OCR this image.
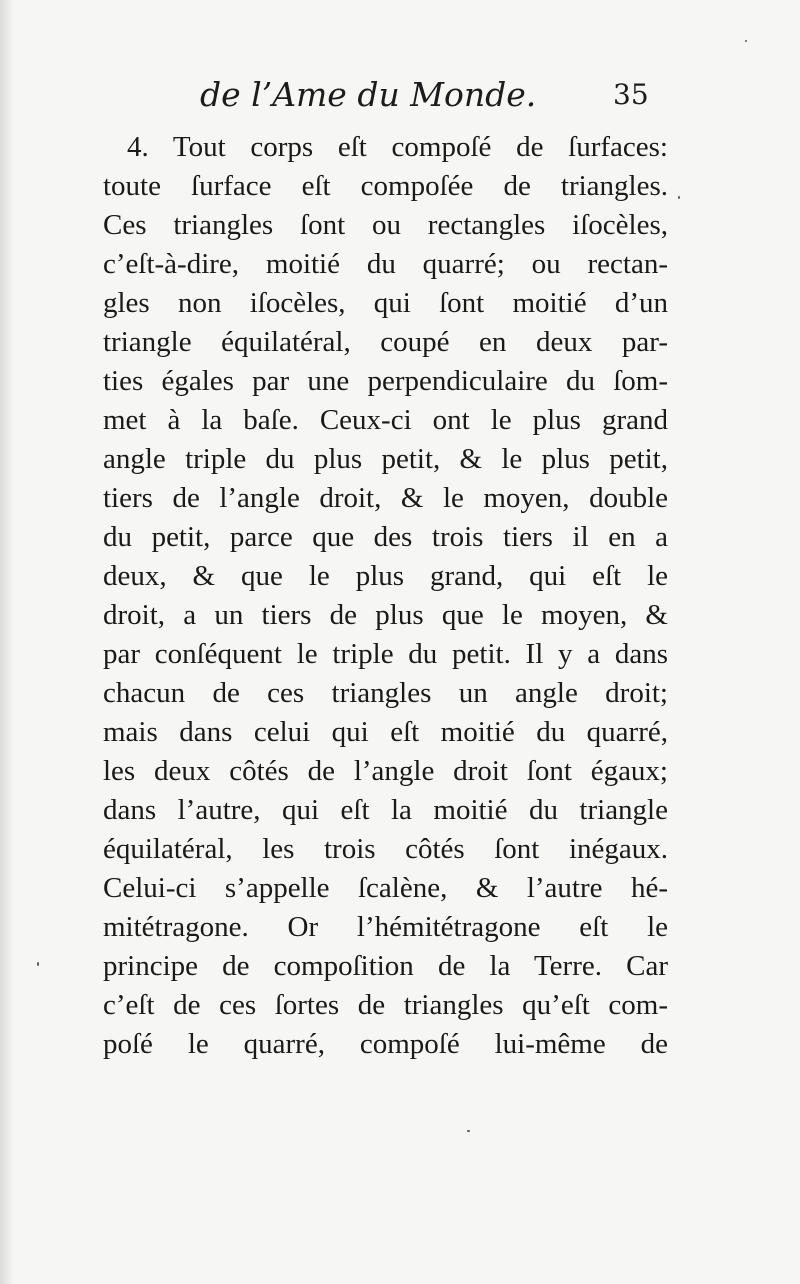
de l’Ame du Monde.	35
4. Tout corps eſt compoſé de ſurfaces:
toute ſurface eſt compoſée de triangles.
Ces triangles ſont ou rectangles iſocèles,
c’eſt-à-dire, moitié du quarré; ou rectan-
gles non iſocèles, qui ſont moitié d’un
triangle équilatéral, coupé en deux par-
ties égales par une perpendiculaire du ſom-
met à la baſe. Ceux-ci ont le plus grand
angle triple du plus petit, & le plus petit,
tiers de l’angle droit, & le moyen, double
du petit, parce que des trois tiers il en a
deux, & que le plus grand, qui eſt le
droit, a un tiers de plus que le moyen, &
par conſéquent le triple du petit. Il y a dans
chacun de ces triangles un angle droit;
mais dans celui qui eſt moitié du quarré,
les deux côtés de l’angle droit ſont égaux;
dans l’autre, qui eſt la moitié du triangle
équilatéral, les trois côtés ſont inégaux.
Celui-ci s’appelle ſcalène, & l’autre hé-
mitétragone. Or l’hémitétragone eſt le
principe de compoſition de la Terre. Car
c’eſt de ces ſortes de triangles qu’eſt com-
poſé le quarré, compoſé lui-même de
